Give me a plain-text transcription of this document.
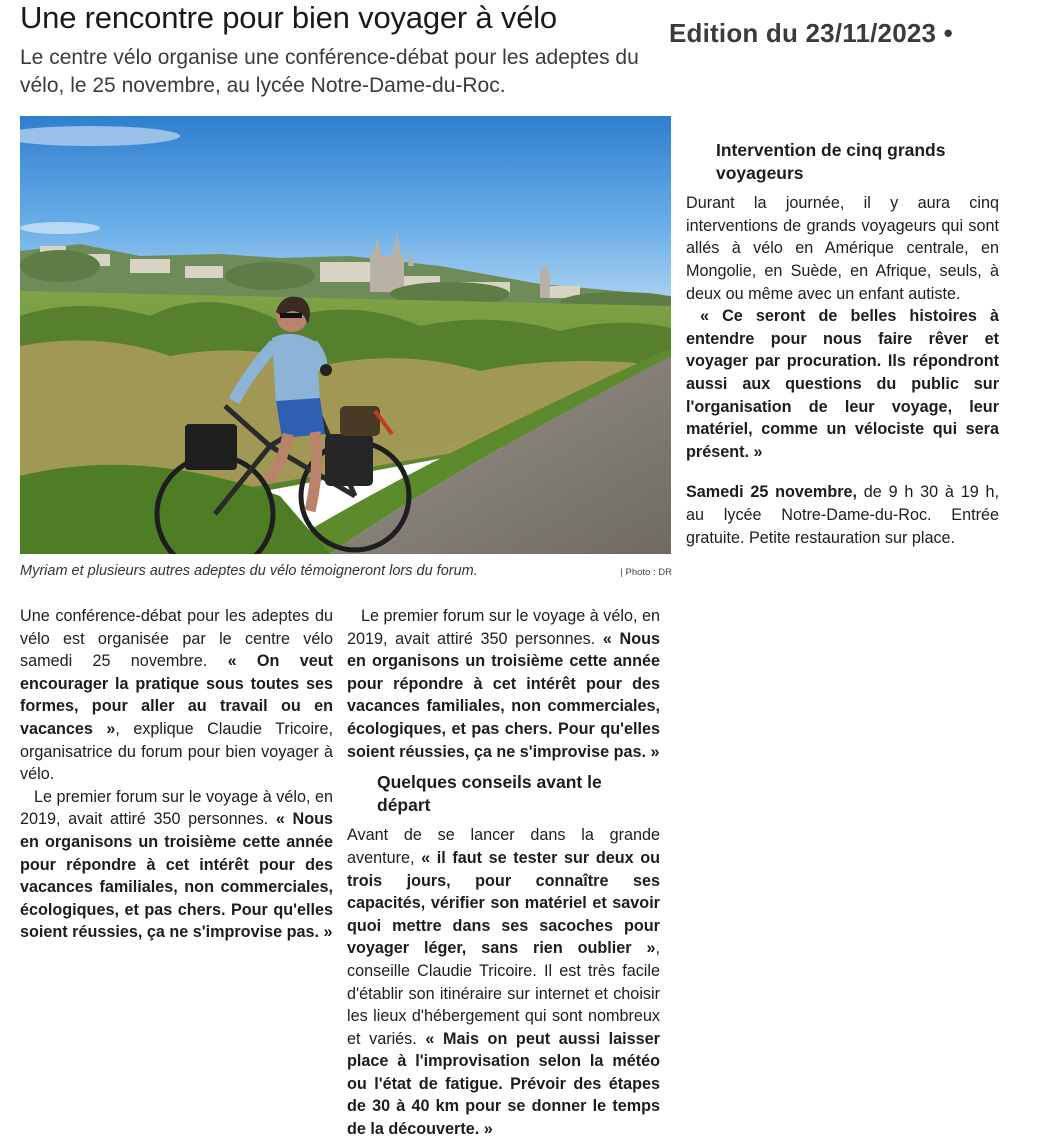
Une rencontre pour bien voyager à vélo	Edition du 23/11/2023 •
Le centre vélo organise une conférence-débat pour les adeptes du vélo, le 25 novembre, au lycée Notre-Dame-du-Roc.
Myriam et plusieurs autres adeptes du vélo témoigneront lors du forum.	| Photo : DR

Une conférence-débat pour les adeptes du vélo est organisée par le centre vélo samedi 25 novembre. « On veut encourager la pratique sous toutes ses formes, pour aller au travail ou en vacances », explique Claudie Tricoire, organisatrice du forum pour bien voyager à vélo.

Le premier forum sur le voyage à vélo, en 2019, avait attiré 350 personnes. « Nous en organisons un troisième cette année pour répondre à cet intérêt pour des vacances familiales, non commerciales, écologiques, et pas chers. Pour qu'elles soient réussies, ça ne s'improvise pas. »

Le premier forum sur le voyage à vélo, en 2019, avait attiré 350 personnes. « Nous en organisons un troisième cette année pour répondre à cet intérêt pour des vacances familiales, non commerciales, écologiques, et pas chers. Pour qu'elles soient réussies, ça ne s'improvise pas. »

Quelques conseils avant le départ

Avant de se lancer dans la grande aventure, « il faut se tester sur deux ou trois jours, pour connaître ses capacités, vérifier son matériel et savoir quoi mettre dans ses sacoches pour voyager léger, sans rien oublier », conseille Claudie Tricoire. Il est très facile d'établir son itinéraire sur internet et choisir les lieux d'hébergement qui sont nombreux et variés. « Mais on peut aussi laisser place à l'improvisation selon la météo ou l'état de fatigue. Prévoir des étapes de 30 à 40 km pour se donner le temps de la découverte. »

Intervention de cinq grands voyageurs

Durant la journée, il y aura cinq interventions de grands voyageurs qui sont allés à vélo en Amérique centrale, en Mongolie, en Suède, en Afrique, seuls, à deux ou même avec un enfant autiste.

« Ce seront de belles histoires à entendre pour nous faire rêver et voyager par procuration. Ils répondront aussi aux questions du public sur l'organisation de leur voyage, leur matériel, comme un vélociste qui sera présent. »

Samedi 25 novembre, de 9 h 30 à 19 h, au lycée Notre-Dame-du-Roc. Entrée gratuite. Petite restauration sur place.
